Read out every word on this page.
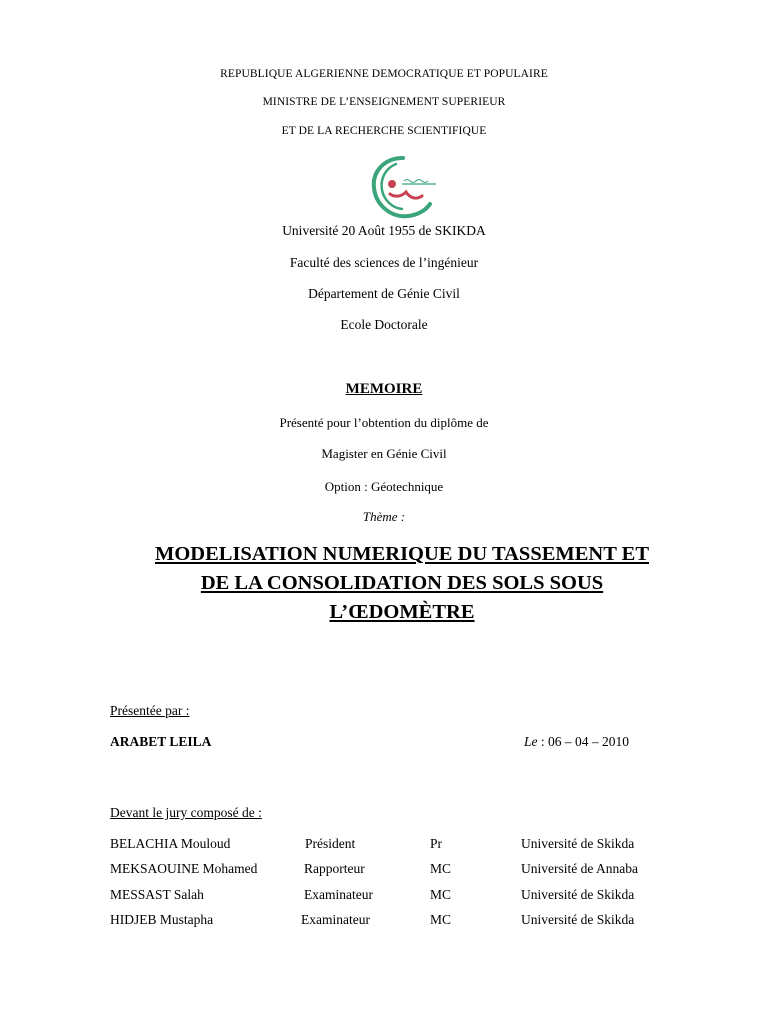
REPUBLIQUE ALGERIENNE DEMOCRATIQUE ET POPULAIRE
MINISTRE DE L’ENSEIGNEMENT SUPERIEUR
ET DE LA RECHERCHE SCIENTIFIQUE
Université 20 Août 1955 de SKIKDA
Faculté des sciences de l’ingénieur
Département de Génie Civil
Ecole Doctorale
MEMOIRE
Présenté pour l’obtention du diplôme de
Magister en Génie Civil
Option : Géotechnique
Thème :
MODELISATION NUMERIQUE DU TASSEMENT ET
DE LA CONSOLIDATION DES SOLS SOUS
L’ŒDOMÈTRE
Présentée par :
ARABET LEILA	Le : 06 – 04 – 2010
Devant le jury composé de :
BELACHIA Mouloud	Président	Pr	Université de Skikda
MEKSAOUINE Mohamed	Rapporteur	MC	Université de Annaba
MESSAST Salah	Examinateur	MC	Université de Skikda
HIDJEB Mustapha	Examinateur	MC	Université de Skikda
